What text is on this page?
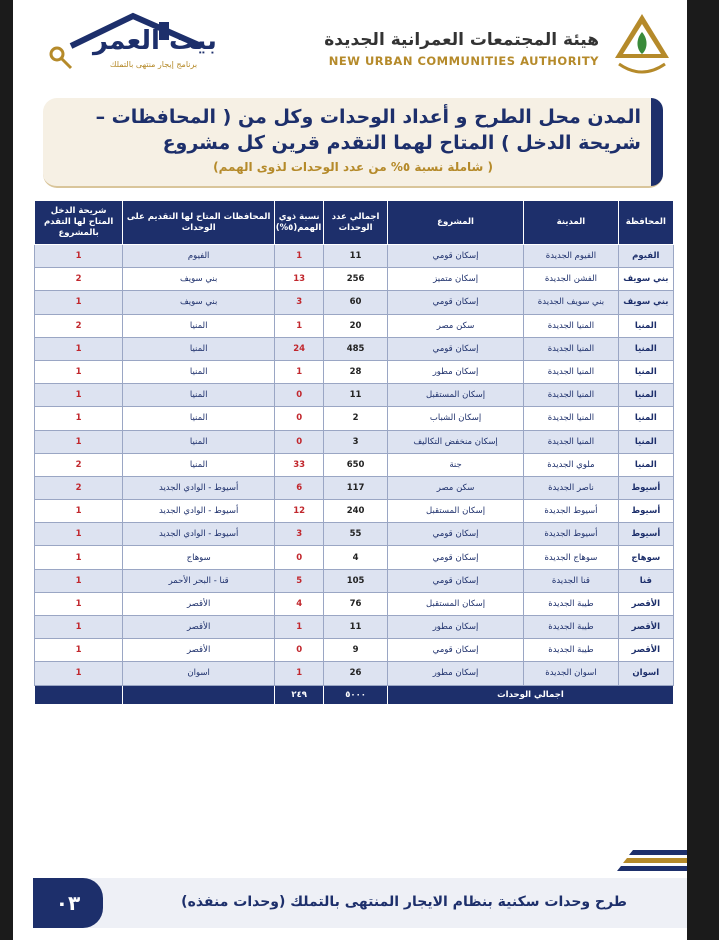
هيئة المجتمعات العمرانية الجديدة
NEW URBAN COMMUNITIES AUTHORITY
بيت العمر
برنامج إيجار منتهى بالتملك
المدن محل الطرح و أعداد الوحدات وكل من ( المحافظات –
شريحة الدخل ) المتاح لهما التقدم قرين كل مشروع
( شاملة نسبة ٥% من عدد الوحدات لذوى الهمم)
المحافظة	المدينة	المشروع	اجمالي عدد الوحدات	نسبة ذوي الهمم(٥%)	المحافظات المتاح لها التقديم على الوحدات	شريحة الدخل المتاح لها التقدم بالمشروع
الفيوم	الفيوم الجديدة	إسكان قومي	11	1	الفيوم	1
بني سويف	الفشن الجديدة	إسكان متميز	256	13	بني سويف	2
بني سويف	بني سويف الجديدة	إسكان قومي	60	3	بني سويف	1
المنيا	المنيا الجديدة	سكن مصر	20	1	المنيا	2
المنيا	المنيا الجديدة	إسكان قومي	485	24	المنيا	1
المنيا	المنيا الجديدة	إسكان مطور	28	1	المنيا	1
المنيا	المنيا الجديدة	إسكان المستقبل	11	0	المنيا	1
المنيا	المنيا الجديدة	إسكان الشباب	2	0	المنيا	1
المنيا	المنيا الجديدة	إسكان منخفض التكاليف	3	0	المنيا	1
المنيا	ملوي الجديدة	جنة	650	33	المنيا	2
أسيوط	ناصر الجديدة	سكن مصر	117	6	أسيوط - الوادي الجديد	2
أسيوط	أسيوط الجديدة	إسكان المستقبل	240	12	أسيوط - الوادي الجديد	1
أسيوط	أسيوط الجديدة	إسكان قومي	55	3	أسيوط - الوادي الجديد	1
سوهاج	سوهاج الجديدة	إسكان قومي	4	0	سوهاج	1
قنا	قنا الجديدة	إسكان قومي	105	5	قنا - البحر الأحمر	1
الأقصر	طيبة الجديدة	إسكان المستقبل	76	4	الأقصر	1
الأقصر	طيبة الجديدة	إسكان مطور	11	1	الأقصر	1
الأقصر	طيبة الجديدة	إسكان قومي	9	0	الأقصر	1
اسوان	اسوان الجديدة	إسكان مطور	26	1	اسوان	1
اجمالي الوحدات			٥٠٠٠	٢٤٩		
٠٣	طرح وحدات سكنية بنظام الايجار المنتهى بالتملك (وحدات منفذه)
